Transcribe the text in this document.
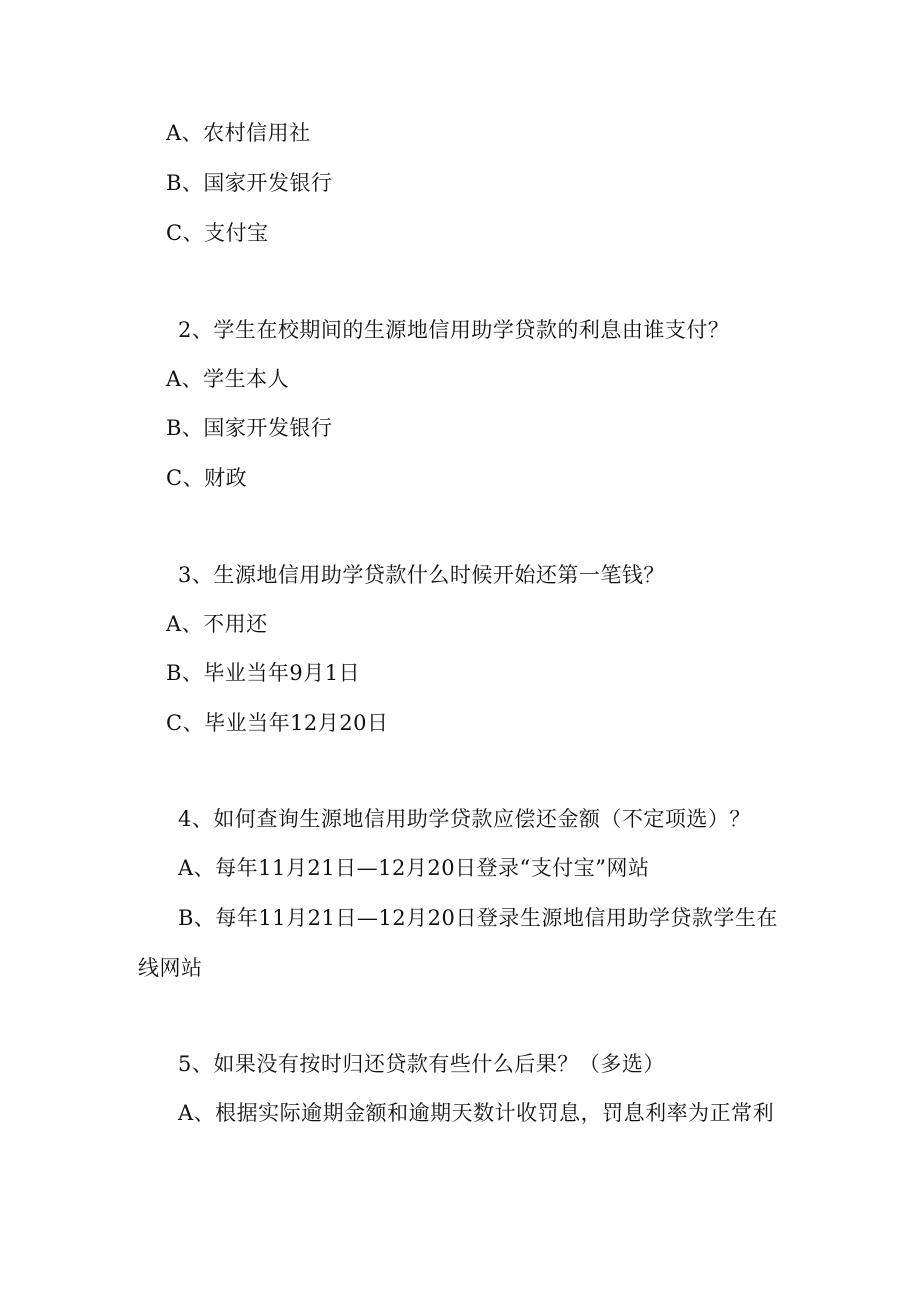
A、农村信用社
B、国家开发银行
C、支付宝
2、学生在校期间的生源地信用助学贷款的利息由谁支付？
A、学生本人
B、国家开发银行
C、财政
3、生源地信用助学贷款什么时候开始还第一笔钱？
A、不用还
B、毕业当年9月1日
C、毕业当年12月20日
4、如何查询生源地信用助学贷款应偿还金额（不定项选）？
A、每年11月21日—12月20日登录“支付宝”网站
B、每年11月21日—12月20日登录生源地信用助学贷款学生在
线网站
5、如果没有按时归还贷款有些什么后果？（多选）
A、根据实际逾期金额和逾期天数计收罚息，罚息利率为正常利
